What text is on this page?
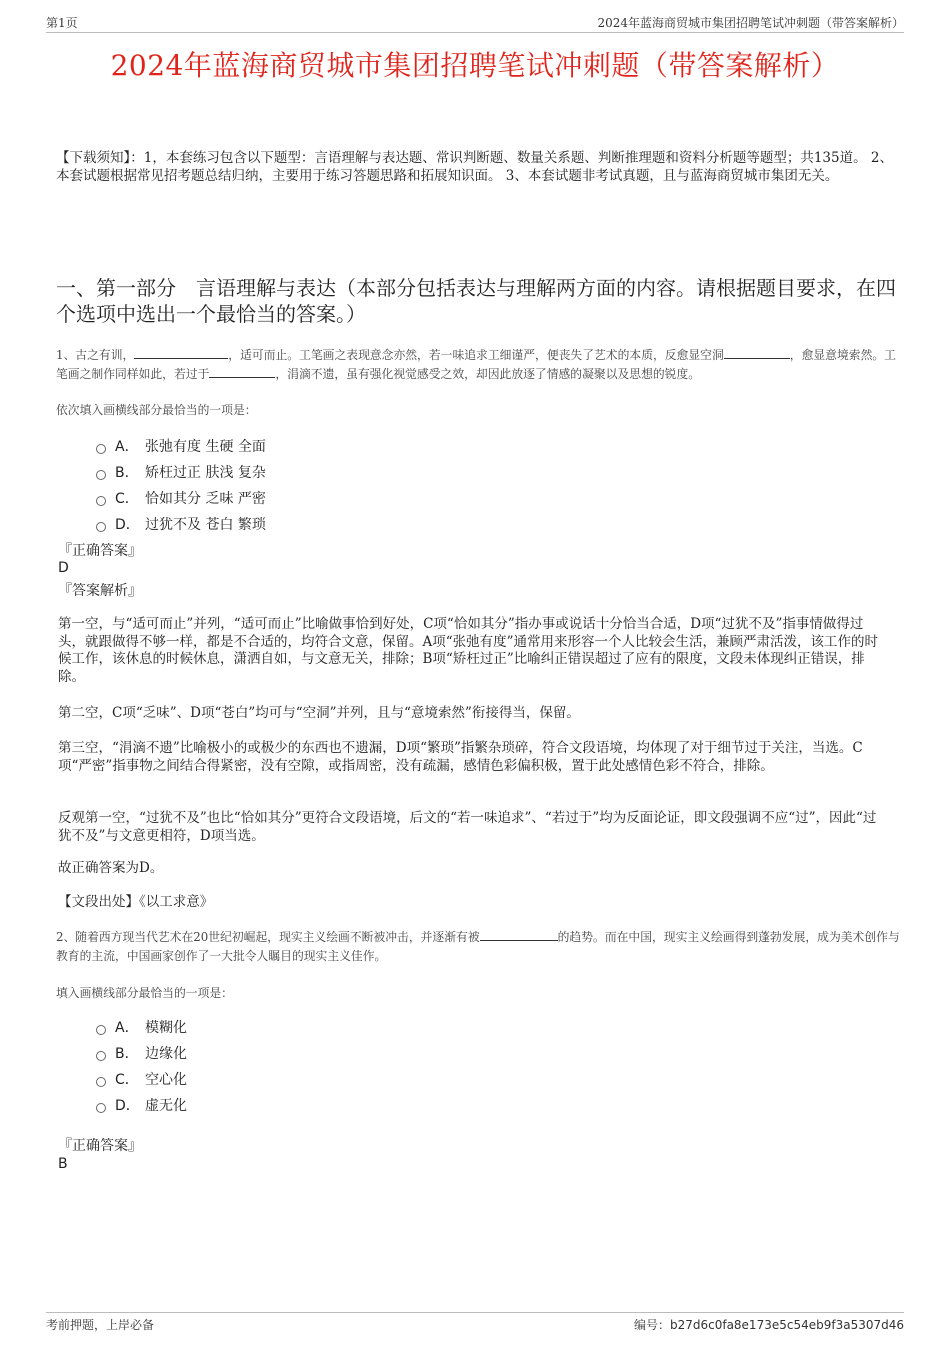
第1页	2024年蓝海商贸城市集团招聘笔试冲刺题（带答案解析）
2024年蓝海商贸城市集团招聘笔试冲刺题（带答案解析）
【下载须知】：1，本套练习包含以下题型：言语理解与表达题、常识判断题、数量关系题、判断推理题和资料分析题等题型；共135道。 2、本套试题根据常见招考题总结归纳，主要用于练习答题思路和拓展知识面。 3、本套试题非考试真题，且与蓝海商贸城市集团无关。
一、第一部分　言语理解与表达（本部分包括表达与理解两方面的内容。请根据题目要求，在四个选项中选出一个最恰当的答案。）
1、古之有训，	，适可而止。工笔画之表现意念亦然，若一味追求工细谨严，便丧失了艺术的本质，反愈显空洞	，愈显意境索然。工笔画之制作同样如此，若过于	，涓滴不遗，虽有强化视觉感受之效，却因此放逐了情感的凝聚以及思想的锐度。
依次填入画横线部分最恰当的一项是：
A． 张弛有度 生硬 全面
B． 矫枉过正 肤浅 复杂
C． 恰如其分 乏味 严密
D． 过犹不及 苍白 繁琐
『正确答案』
D
『答案解析』
第一空，与“适可而止”并列，“适可而止”比喻做事恰到好处，C项“恰如其分”指办事或说话十分恰当合适，D项“过犹不及”指事情做得过头，就跟做得不够一样，都是不合适的，均符合文意，保留。A项“张弛有度”通常用来形容一个人比较会生活，兼顾严肃活泼，该工作的时候工作，该休息的时候休息，潇洒自如，与文意无关，排除；B项“矫枉过正”比喻纠正错误超过了应有的限度，文段未体现纠正错误，排除。
第二空，C项“乏味”、D项“苍白”均可与“空洞”并列，且与“意境索然”衔接得当，保留。
第三空，“涓滴不遗”比喻极小的或极少的东西也不遗漏，D项“繁琐”指繁杂琐碎，符合文段语境，均体现了对于细节过于关注，当选。C项“严密”指事物之间结合得紧密，没有空隙，或指周密，没有疏漏，感情色彩偏积极，置于此处感情色彩不符合，排除。
反观第一空，“过犹不及”也比“恰如其分”更符合文段语境，后文的“若一味追求”、“若过于”均为反面论证，即文段强调不应“过”，因此“过犹不及”与文意更相符，D项当选。
故正确答案为D。
【文段出处】《以工求意》
2、随着西方现当代艺术在20世纪初崛起，现实主义绘画不断被冲击，并逐渐有被	的趋势。而在中国，现实主义绘画得到蓬勃发展，成为美术创作与教育的主流，中国画家创作了一大批令人瞩目的现实主义佳作。
填入画横线部分最恰当的一项是：
A． 模糊化
B． 边缘化
C． 空心化
D． 虚无化
『正确答案』
B
考前押题，上岸必备	编号：b27d6c0fa8e173e5c54eb9f3a5307d46
